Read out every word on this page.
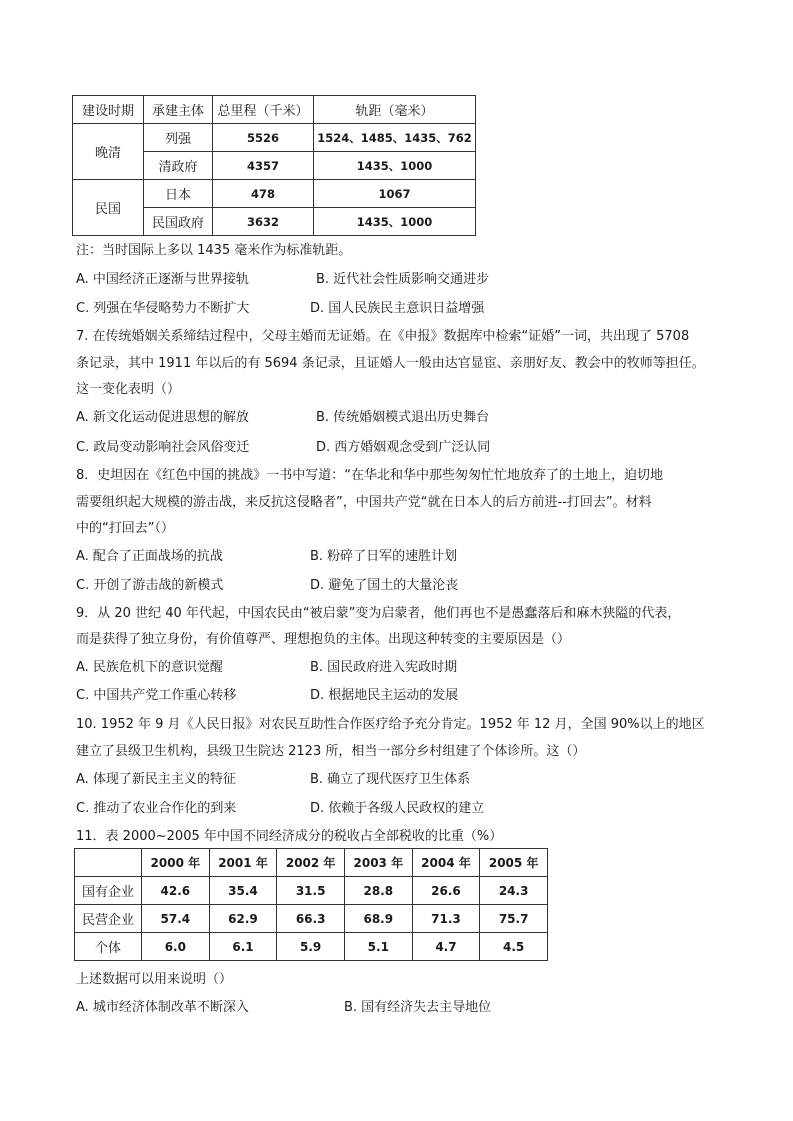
建设时期	承建主体	总里程（千米）	轨距（毫米）
晚清	列强	5526	1524、1485、1435、762
	清政府	4357	1435、1000
民国	日本	478	1067
	民国政府	3632	1435、1000
注：当时国际上多以 1435 毫米作为标准轨距。
A. 中国经济正逐渐与世界接轨	B. 近代社会性质影响交通进步
C. 列强在华侵略势力不断扩大	D. 国人民族民主意识日益增强
7. 在传统婚姻关系缔结过程中，父母主婚而无证婚。在《申报》数据库中检索“证婚”一词，共出现了 5708
条记录，其中 1911 年以后的有 5694 条记录，且证婚人一般由达官显宦、亲朋好友、教会中的牧师等担任。
这一变化表明（）
A. 新文化运动促进思想的解放	B. 传统婚姻模式退出历史舞台
C. 政局变动影响社会风俗变迁	D. 西方婚姻观念受到广泛认同
8．史坦因在《红色中国的挑战》一书中写道：“在华北和华中那些匆匆忙忙地放弃了的土地上，迫切地
需要组织起大规模的游击战，来反抗这侵略者”，中国共产党“就在日本人的后方前进--打回去”。材料
中的“打回去”（）
A. 配合了正面战场的抗战	B. 粉碎了日军的速胜计划
C. 开创了游击战的新模式	D. 避免了国土的大量沦丧
9．从 20 世纪 40 年代起，中国农民由“被启蒙”变为启蒙者，他们再也不是愚蠢落后和麻木狭隘的代表，
而是获得了独立身份，有价值尊严、理想抱负的主体。出现这种转变的主要原因是（）
A. 民族危机下的意识觉醒	B. 国民政府进入宪政时期
C. 中国共产党工作重心转移	D. 根据地民主运动的发展
10. 1952 年 9 月《人民日报》对农民互助性合作医疗给予充分肯定。1952 年 12 月，全国 90%以上的地区
建立了县级卫生机构，县级卫生院达 2123 所，相当一部分乡村组建了个体诊所。这（）
A. 体现了新民主主义的特征	B. 确立了现代医疗卫生体系
C. 推动了农业合作化的到来	D. 依赖于各级人民政权的建立
11．表 2000~2005 年中国不同经济成分的税收占全部税收的比重（%）
	2000 年	2001 年	2002 年	2003 年	2004 年	2005 年
国有企业	42.6	35.4	31.5	28.8	26.6	24.3
民营企业	57.4	62.9	66.3	68.9	71.3	75.7
个体	6.0	6.1	5.9	5.1	4.7	4.5
上述数据可以用来说明（）
A. 城市经济体制改革不断深入	B. 国有经济失去主导地位
